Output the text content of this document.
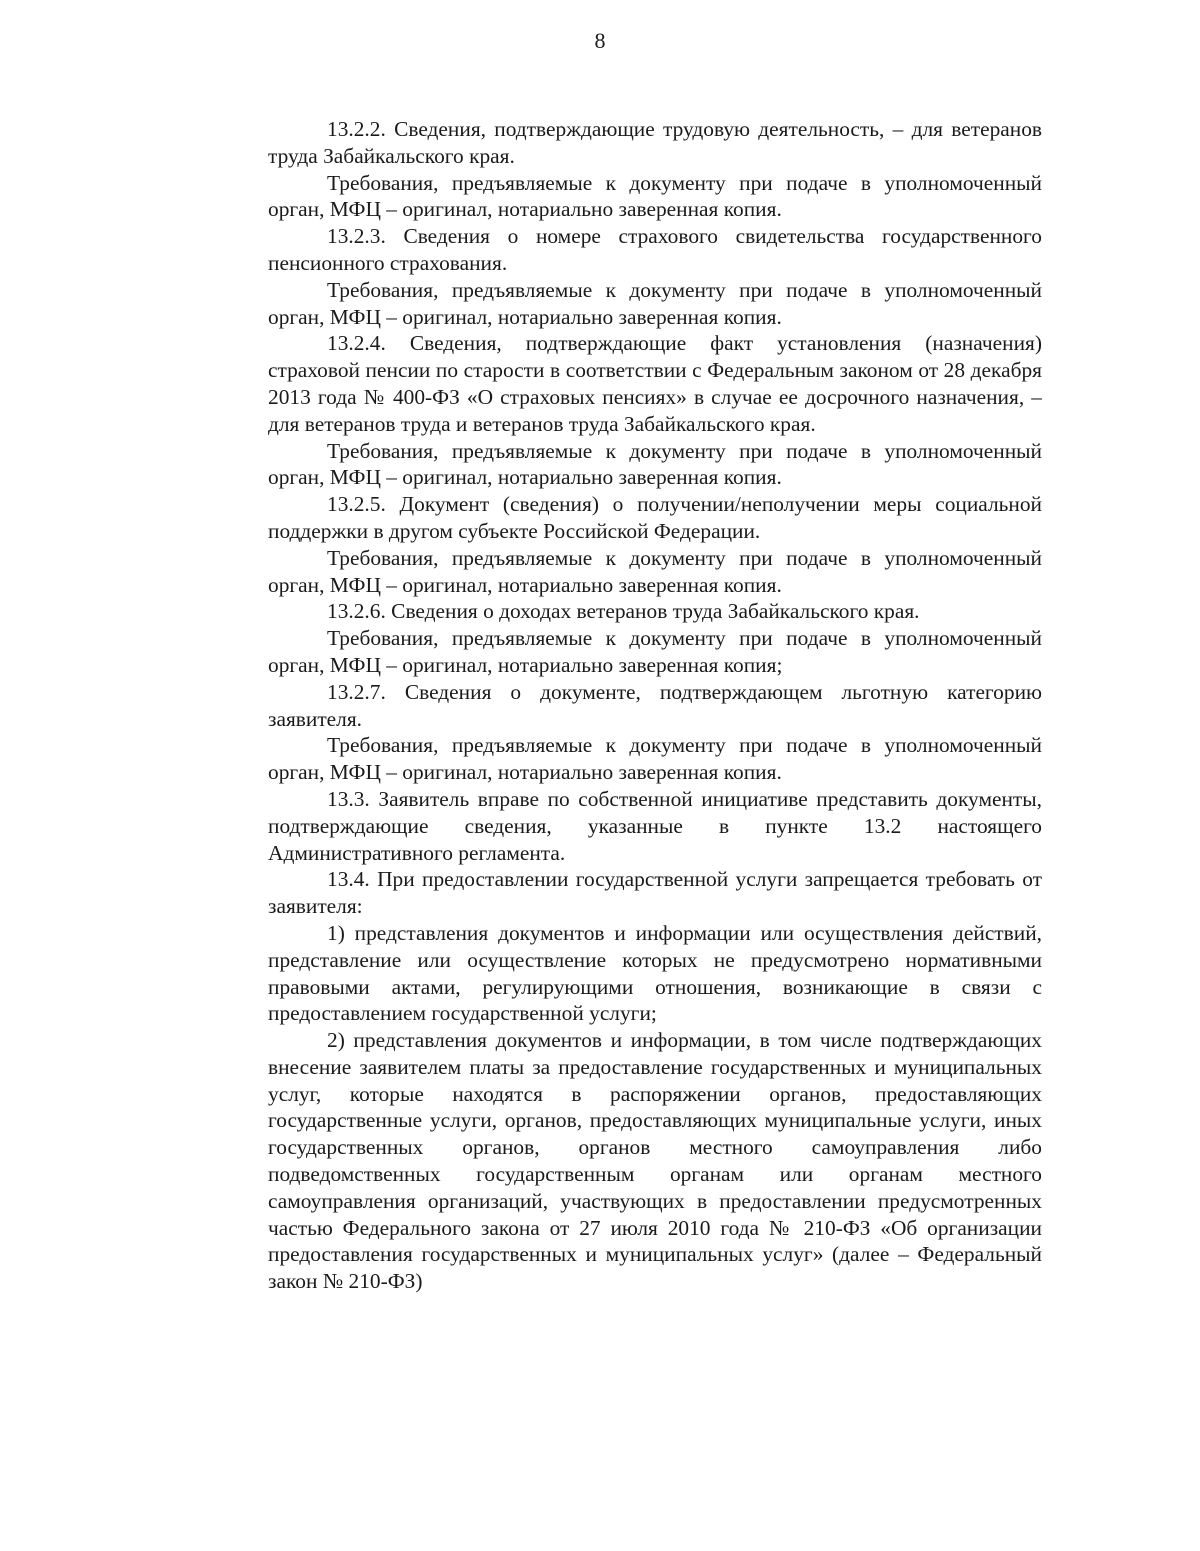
8

13.2.2. Сведения, подтверждающие трудовую деятельность, – для ветеранов труда Забайкальского края.

Требования, предъявляемые к документу при подаче в уполномоченный орган, МФЦ – оригинал, нотариально заверенная копия.

13.2.3. Сведения о номере страхового свидетельства государственного пенсионного страхования.

Требования, предъявляемые к документу при подаче в уполномоченный орган, МФЦ – оригинал, нотариально заверенная копия.

13.2.4. Сведения, подтверждающие факт установления (назначения) страховой пенсии по старости в соответствии с Федеральным законом от 28 декабря 2013 года № 400-ФЗ «О страховых пенсиях» в случае ее досрочного назначения, – для ветеранов труда и ветеранов труда Забайкальского края.

Требования, предъявляемые к документу при подаче в уполномоченный орган, МФЦ – оригинал, нотариально заверенная копия.

13.2.5. Документ (сведения) о получении/неполучении меры социальной поддержки в другом субъекте Российской Федерации.

Требования, предъявляемые к документу при подаче в уполномоченный орган, МФЦ – оригинал, нотариально заверенная копия.

13.2.6. Сведения о доходах ветеранов труда Забайкальского края.

Требования, предъявляемые к документу при подаче в уполномоченный орган, МФЦ – оригинал, нотариально заверенная копия;

13.2.7. Сведения о документе, подтверждающем льготную категорию заявителя.

Требования, предъявляемые к документу при подаче в уполномоченный орган, МФЦ – оригинал, нотариально заверенная копия.

13.3. Заявитель вправе по собственной инициативе представить документы, подтверждающие сведения, указанные в пункте 13.2 настоящего Административного регламента.

13.4. При предоставлении государственной услуги запрещается требовать от заявителя:

1) представления документов и информации или осуществления действий, представление или осуществление которых не предусмотрено нормативными правовыми актами, регулирующими отношения, возникающие в связи с предоставлением государственной услуги;

2) представления документов и информации, в том числе подтверждающих внесение заявителем платы за предоставление государственных и муниципальных услуг, которые находятся в распоряжении органов, предоставляющих государственные услуги, органов, предоставляющих муниципальные услуги, иных государственных органов, органов местного самоуправления либо подведомственных государственным органам или органам местного самоуправления организаций, участвующих в предоставлении предусмотренных частью Федерального закона от 27 июля 2010 года № 210-ФЗ «Об организации предоставления государственных и муниципальных услуг» (далее – Федеральный закон № 210-ФЗ)
